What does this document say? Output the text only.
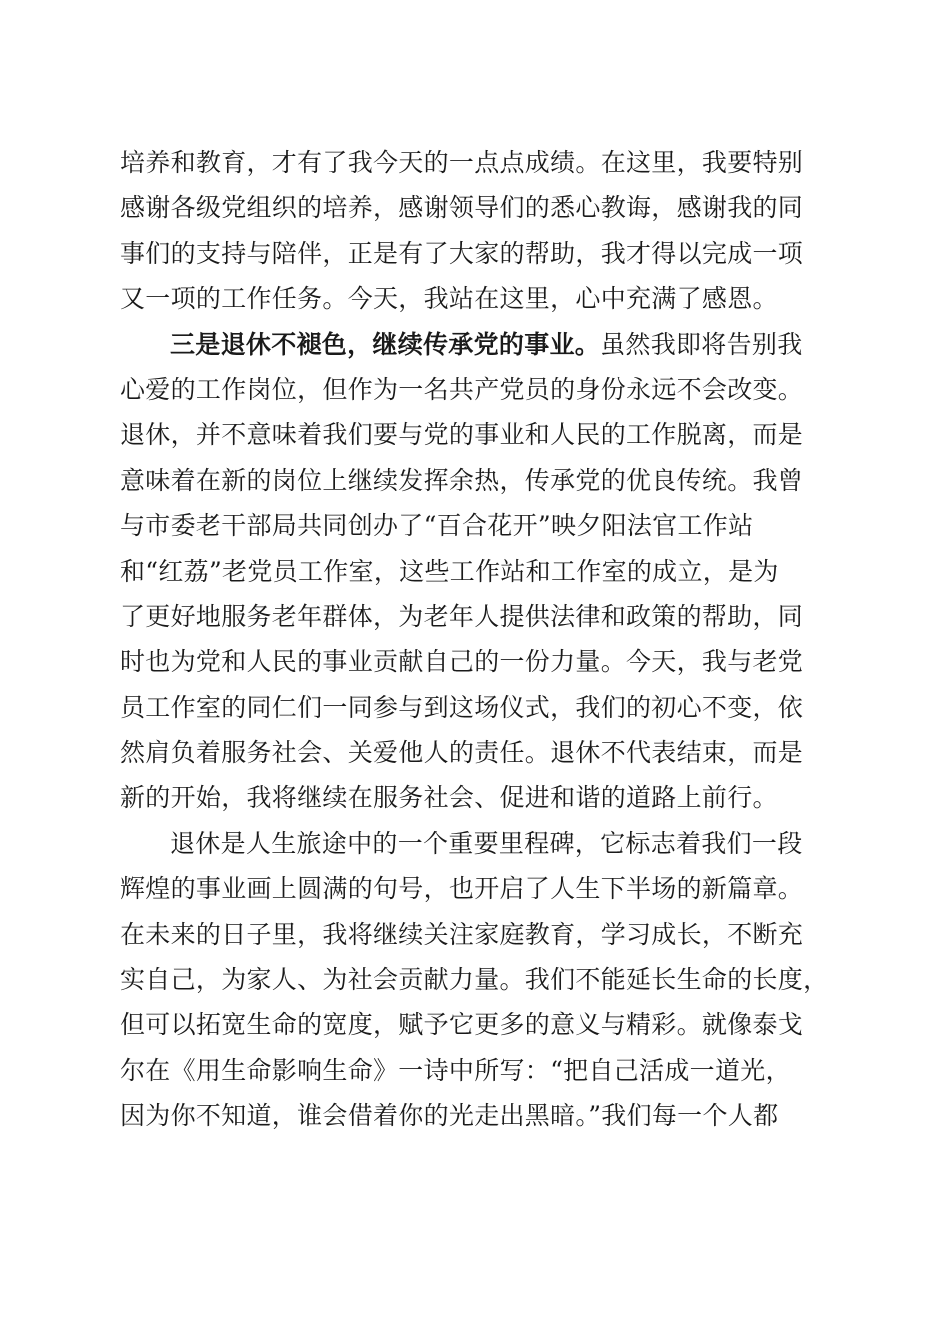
培养和教育，才有了我今天的一点点成绩。在这里，我要特别
感谢各级党组织的培养，感谢领导们的悉心教诲，感谢我的同
事们的支持与陪伴，正是有了大家的帮助，我才得以完成一项
又一项的工作任务。今天，我站在这里，心中充满了感恩。
三是退休不褪色，继续传承党的事业。虽然我即将告别我
心爱的工作岗位，但作为一名共产党员的身份永远不会改变。
退休，并不意味着我们要与党的事业和人民的工作脱离，而是
意味着在新的岗位上继续发挥余热，传承党的优良传统。我曾
与市委老干部局共同创办了“百合花开”映夕阳法官工作站
和“红荔”老党员工作室，这些工作站和工作室的成立，是为
了更好地服务老年群体，为老年人提供法律和政策的帮助，同
时也为党和人民的事业贡献自己的一份力量。今天，我与老党
员工作室的同仁们一同参与到这场仪式，我们的初心不变，依
然肩负着服务社会、关爱他人的责任。退休不代表结束，而是
新的开始，我将继续在服务社会、促进和谐的道路上前行。
退休是人生旅途中的一个重要里程碑，它标志着我们一段
辉煌的事业画上圆满的句号，也开启了人生下半场的新篇章。
在未来的日子里，我将继续关注家庭教育，学习成长，不断充
实自己，为家人、为社会贡献力量。我们不能延长生命的长度，
但可以拓宽生命的宽度，赋予它更多的意义与精彩。就像泰戈
尔在《用生命影响生命》一诗中所写：“把自己活成一道光，
因为你不知道，谁会借着你的光走出黑暗。”我们每一个人都
